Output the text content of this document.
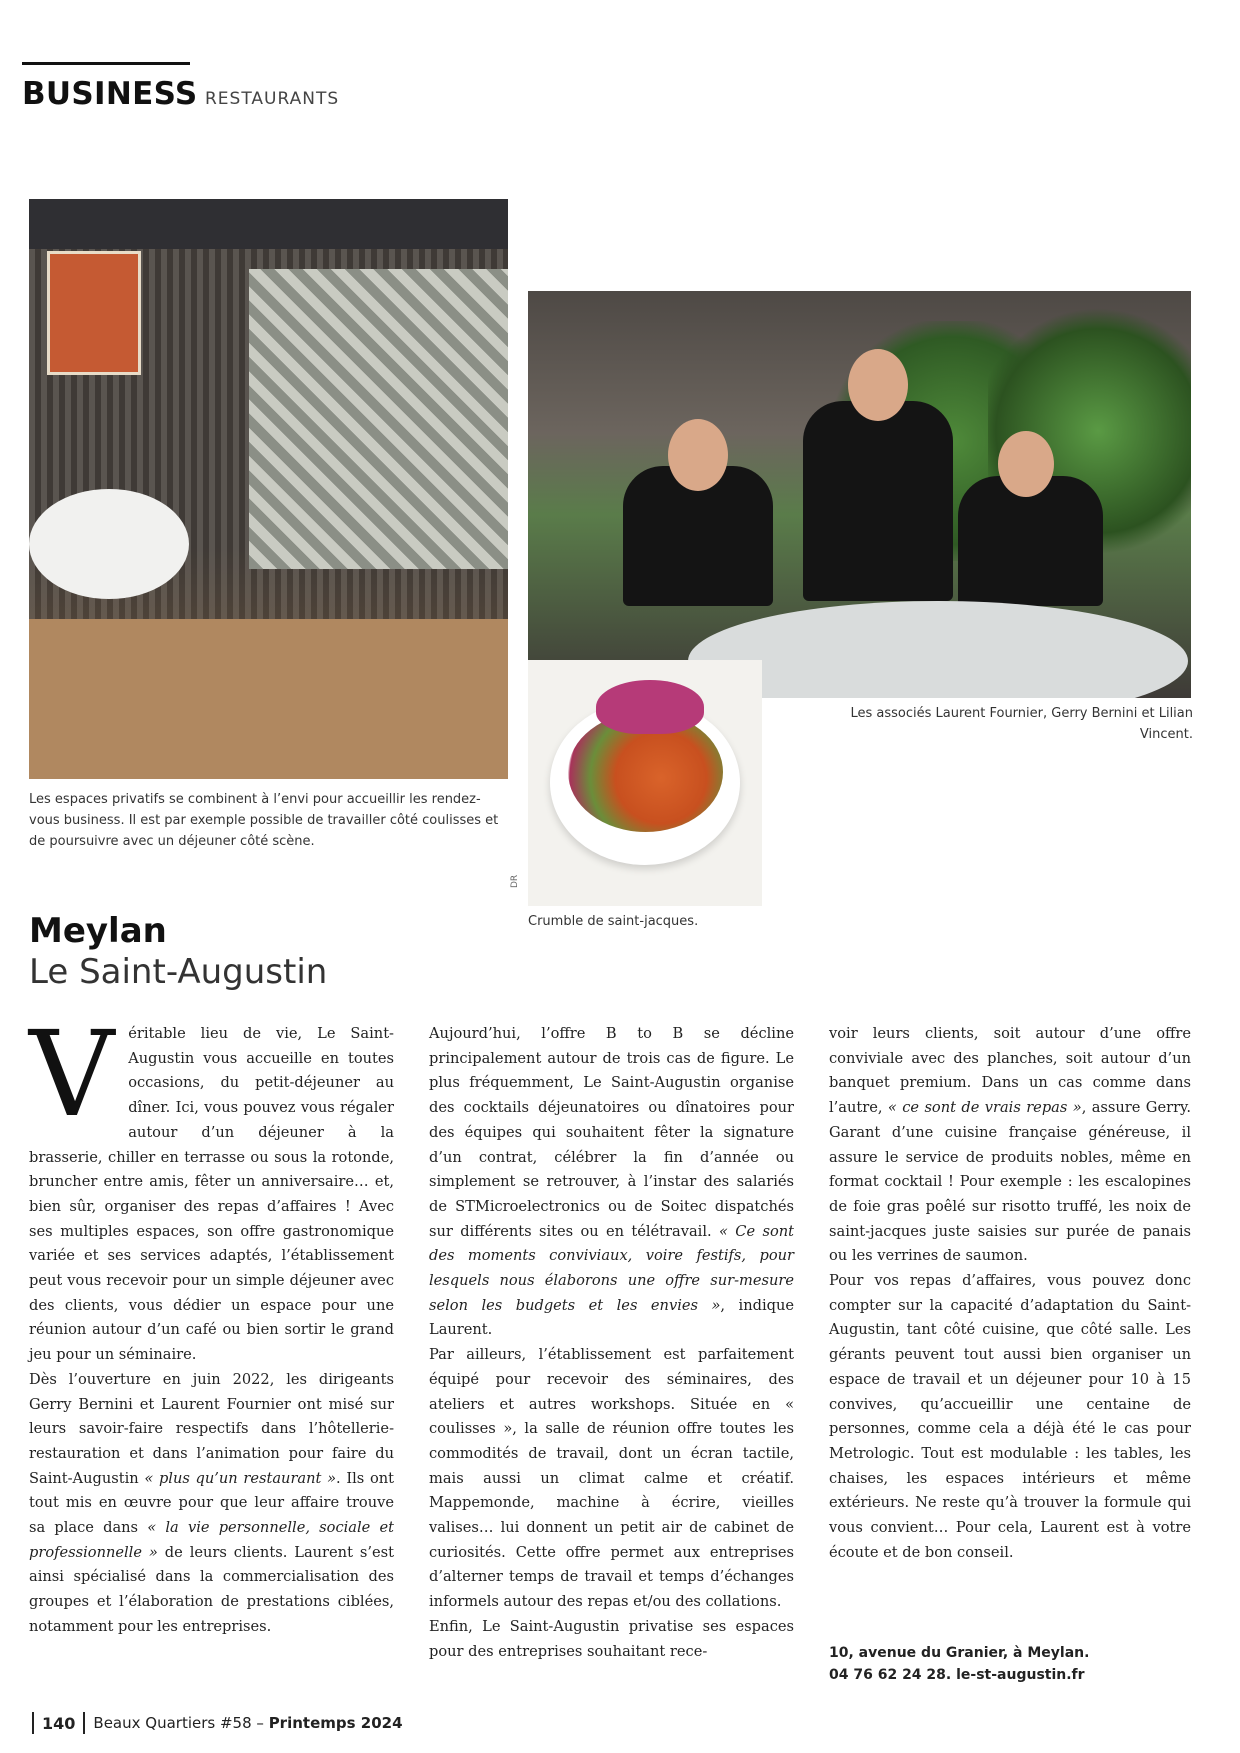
BUSINESS RESTAURANTS
Les espaces privatifs se combinent à l’envi pour accueillir les rendez-vous business. Il est par exemple possible de travailler côté coulisses et de poursuivre avec un déjeuner côté scène.
Les associés Laurent Fournier, Gerry Bernini et Lilian Vincent.
Crumble de saint-jacques.
DR
Meylan
Le Saint-Augustin

Véritable lieu de vie, Le Saint-Augustin vous accueille en toutes occasions, du petit-déjeuner au dîner. Ici, vous pouvez vous régaler autour d’un déjeuner à la brasserie, chiller en terrasse ou sous la rotonde, bruncher entre amis, fêter un anniversaire… et, bien sûr, organiser des repas d’affaires ! Avec ses multiples espaces, son offre gastronomique variée et ses services adaptés, l’établissement peut vous recevoir pour un simple déjeuner avec des clients, vous dédier un espace pour une réunion autour d’un café ou bien sortir le grand jeu pour un séminaire.

Dès l’ouverture en juin 2022, les dirigeants Gerry Bernini et Laurent Fournier ont misé sur leurs savoir-faire respectifs dans l’hôtellerie-restauration et dans l’animation pour faire du Saint-Augustin « plus qu’un restaurant ». Ils ont tout mis en œuvre pour que leur affaire trouve sa place dans « la vie personnelle, sociale et professionnelle » de leurs clients. Laurent s’est ainsi spécialisé dans la commercialisation des groupes et l’élaboration de prestations ciblées, notamment pour les entreprises.

Aujourd’hui, l’offre B to B se décline principalement autour de trois cas de figure. Le plus fréquemment, Le Saint-Augustin organise des cocktails déjeunatoires ou dînatoires pour des équipes qui souhaitent fêter la signature d’un contrat, célébrer la fin d’année ou simplement se retrouver, à l’instar des salariés de STMicroelectronics ou de Soitec dispatchés sur différents sites ou en télétravail. « Ce sont des moments conviviaux, voire festifs, pour lesquels nous élaborons une offre sur-mesure selon les budgets et les envies », indique Laurent.

Par ailleurs, l’établissement est parfaitement équipé pour recevoir des séminaires, des ateliers et autres workshops. Située en « coulisses », la salle de réunion offre toutes les commodités de travail, dont un écran tactile, mais aussi un climat calme et créatif. Mappemonde, machine à écrire, vieilles valises… lui donnent un petit air de cabinet de curiosités. Cette offre permet aux entreprises d’alterner temps de travail et temps d’échanges informels autour des repas et/ou des collations.

Enfin, Le Saint-Augustin privatise ses espaces pour des entreprises souhaitant rece-

voir leurs clients, soit autour d’une offre conviviale avec des planches, soit autour d’un banquet premium. Dans un cas comme dans l’autre, « ce sont de vrais repas », assure Gerry. Garant d’une cuisine française généreuse, il assure le service de produits nobles, même en format cocktail ! Pour exemple : les escalopines de foie gras poêlé sur risotto truffé, les noix de saint-jacques juste saisies sur purée de panais ou les verrines de saumon.

Pour vos repas d’affaires, vous pouvez donc compter sur la capacité d’adaptation du Saint-Augustin, tant côté cuisine, que côté salle. Les gérants peuvent tout aussi bien organiser un espace de travail et un déjeuner pour 10 à 15 convives, qu’accueillir une centaine de personnes, comme cela a déjà été le cas pour Metrologic. Tout est modulable : les tables, les chaises, les espaces intérieurs et même extérieurs. Ne reste qu’à trouver la formule qui vous convient… Pour cela, Laurent est à votre écoute et de bon conseil.

10, avenue du Granier, à Meylan.
04 76 62 24 28. le-st-augustin.fr
140 Beaux Quartiers #58 –
Printemps 2024
